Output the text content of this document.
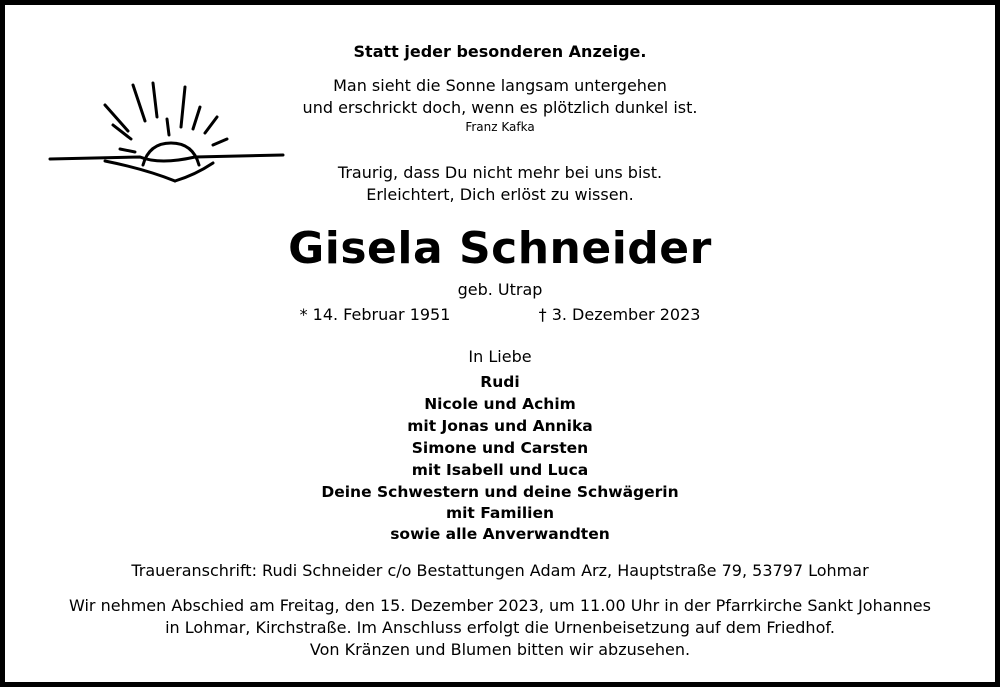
Statt jeder besonderen Anzeige.
Man sieht die Sonne langsam untergehen
und erschrickt doch, wenn es plötzlich dunkel ist.
Franz Kafka
Traurig, dass Du nicht mehr bei uns bist.
Erleichtert, Dich erlöst zu wissen.
Gisela Schneider
geb. Utrap
* 14. Februar 1951	† 3. Dezember 2023
In Liebe
Rudi
Nicole und Achim
mit Jonas und Annika
Simone und Carsten
mit Isabell und Luca
Deine Schwestern und deine Schwägerin
mit Familien
sowie alle Anverwandten
Traueranschrift: Rudi Schneider c/o Bestattungen Adam Arz, Hauptstraße 79, 53797 Lohmar
Wir nehmen Abschied am Freitag, den 15. Dezember 2023, um 11.00 Uhr in der Pfarrkirche Sankt Johannes
in Lohmar, Kirchstraße. Im Anschluss erfolgt die Urnenbeisetzung auf dem Friedhof.
Von Kränzen und Blumen bitten wir abzusehen.
